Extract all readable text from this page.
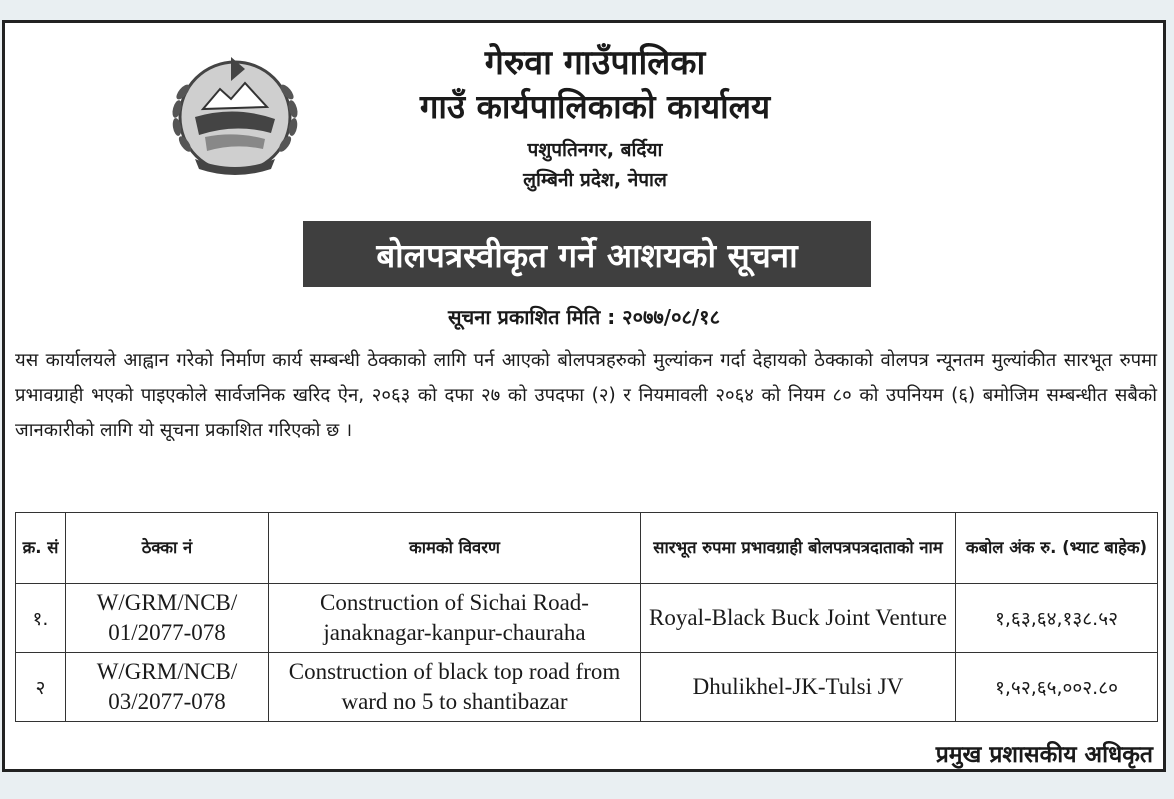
गेरुवा गाउँपालिका
गाउँ कार्यपालिकाको कार्यालय
पशुपतिनगर, बर्दिया
लुम्बिनी प्रदेश, नेपाल
बोलपत्रस्वीकृत गर्ने आशयको सूचना
सूचना प्रकाशित मिति : २०७७/०८/१८
यस कार्यालयले आह्वान गरेको निर्माण कार्य सम्बन्धी ठेक्काको लागि पर्न आएको बोलपत्रहरुको मुल्यांकन गर्दा देहायको ठेक्काको वोलपत्र न्यूनतम मुल्यांकीत सारभूत रुपमा प्रभावग्राही भएको पाइएकोले सार्वजनिक खरिद ऐन, २०६३ को दफा २७ को उपदफा (२) र नियमावली २०६४ को नियम ८० को उपनियम (६) बमोजिम सम्बन्धीत सबैको जानकारीको लागि यो सूचना प्रकाशित गरिएको छ ।
क्र. सं	ठेक्का नं	कामको विवरण	सारभूत रुपमा प्रभावग्राही बोलपत्रपत्रदाताको नाम	कबोल अंक रु. (भ्याट बाहेक)
१.	W/GRM/NCB/ 01/2077-078	Construction of Sichai Road- janaknagar-kanpur-chauraha	Royal-Black Buck Joint Venture	१,६३,६४,१३८.५२
२	W/GRM/NCB/ 03/2077-078	Construction of black top road from ward no 5 to shantibazar	Dhulikhel-JK-Tulsi JV	१,५२,६५,००२.८०
प्रमुख प्रशासकीय अधिकृत
